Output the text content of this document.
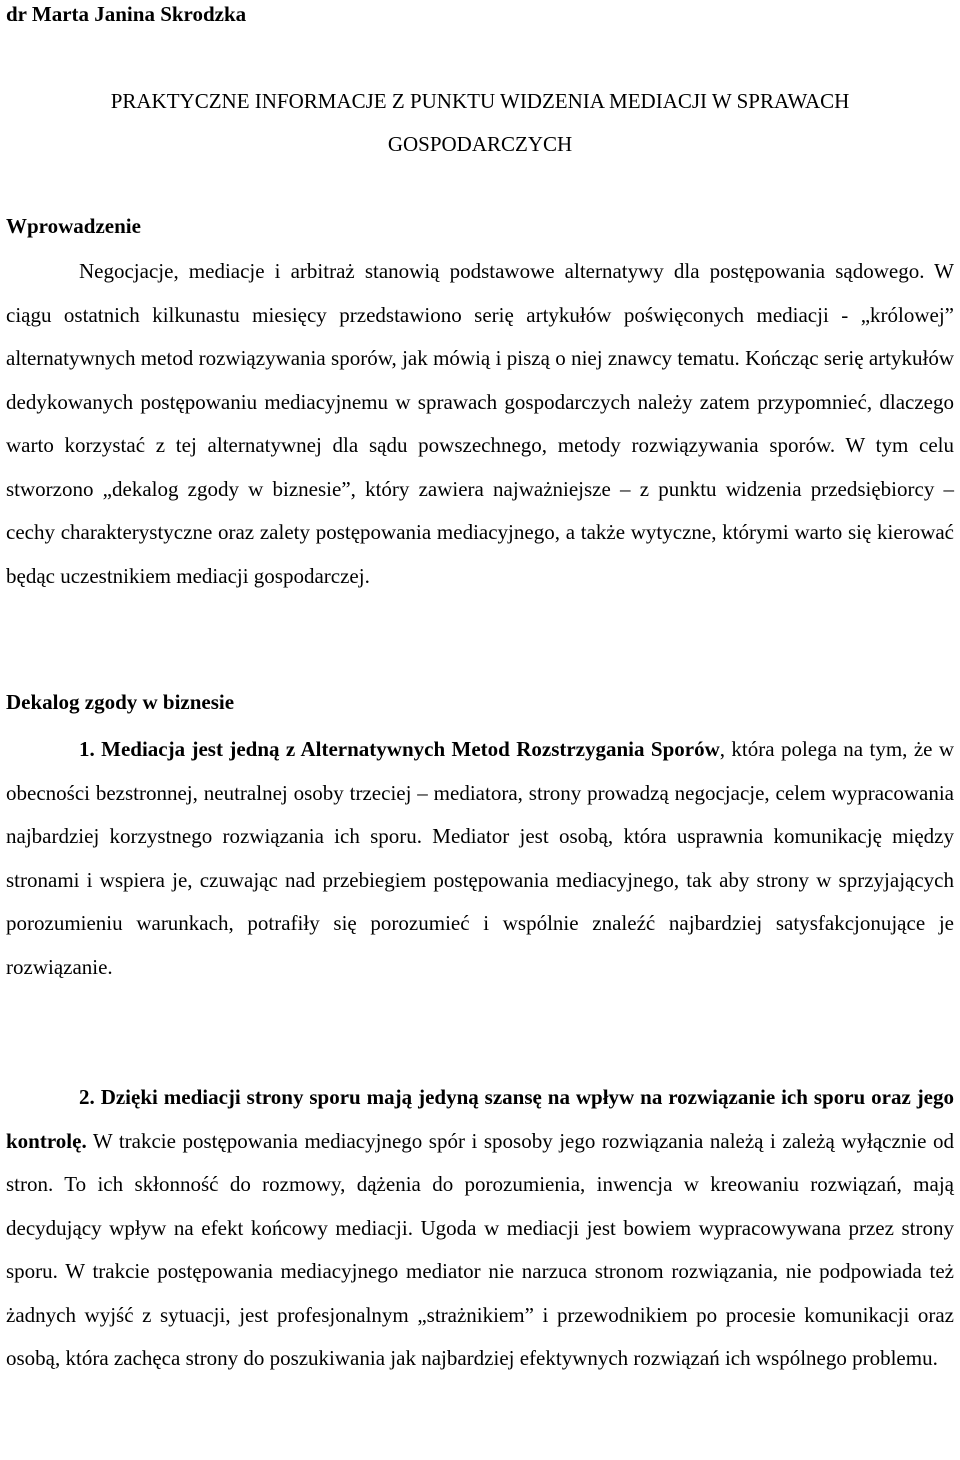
dr Marta Janina Skrodzka

PRAKTYCZNE INFORMACJE Z PUNKTU WIDZENIA MEDIACJI W SPRAWACH
GOSPODARCZYCH
Wprowadzenie

Negocjacje, mediacje i arbitraż stanowią podstawowe alternatywy dla postępowania sądowego. W ciągu ostatnich kilkunastu miesięcy przedstawiono serię artykułów poświęconych mediacji - „królowej” alternatywnych metod rozwiązywania sporów, jak mówią i piszą o niej znawcy tematu. Kończąc serię artykułów dedykowanych postępowaniu mediacyjnemu w sprawach gospodarczych należy zatem przypomnieć, dlaczego warto korzystać z tej alternatywnej dla sądu powszechnego, metody rozwiązywania sporów. W tym celu stworzono „dekalog zgody w biznesie”, który zawiera najważniejsze – z punktu widzenia przedsiębiorcy – cechy charakterystyczne oraz zalety postępowania mediacyjnego, a także wytyczne, którymi warto się kierować będąc uczestnikiem mediacji gospodarczej.

Dekalog zgody w biznesie

1. Mediacja jest jedną z Alternatywnych Metod Rozstrzygania Sporów, która polega na tym, że w obecności bezstronnej, neutralnej osoby trzeciej – mediatora, strony prowadzą negocjacje, celem wypracowania najbardziej korzystnego rozwiązania ich sporu. Mediator jest osobą, która usprawnia komunikację między stronami i wspiera je, czuwając nad przebiegiem postępowania mediacyjnego, tak aby strony w sprzyjających porozumieniu warunkach, potrafiły się porozumieć i wspólnie znaleźć najbardziej satysfakcjonujące je rozwiązanie.

2. Dzięki mediacji strony sporu mają jedyną szansę na wpływ na rozwiązanie ich sporu oraz jego kontrolę. W trakcie postępowania mediacyjnego spór i sposoby jego rozwiązania należą i zależą wyłącznie od stron. To ich skłonność do rozmowy, dążenia do porozumienia, inwencja w kreowaniu rozwiązań, mają decydujący wpływ na efekt końcowy mediacji. Ugoda w mediacji jest bowiem wypracowywana przez strony sporu. W trakcie postępowania mediacyjnego mediator nie narzuca stronom rozwiązania, nie podpowiada też żadnych wyjść z sytuacji, jest profesjonalnym „strażnikiem” i przewodnikiem po procesie komunikacji oraz osobą, która zachęca strony do poszukiwania jak najbardziej efektywnych rozwiązań ich wspólnego problemu.
